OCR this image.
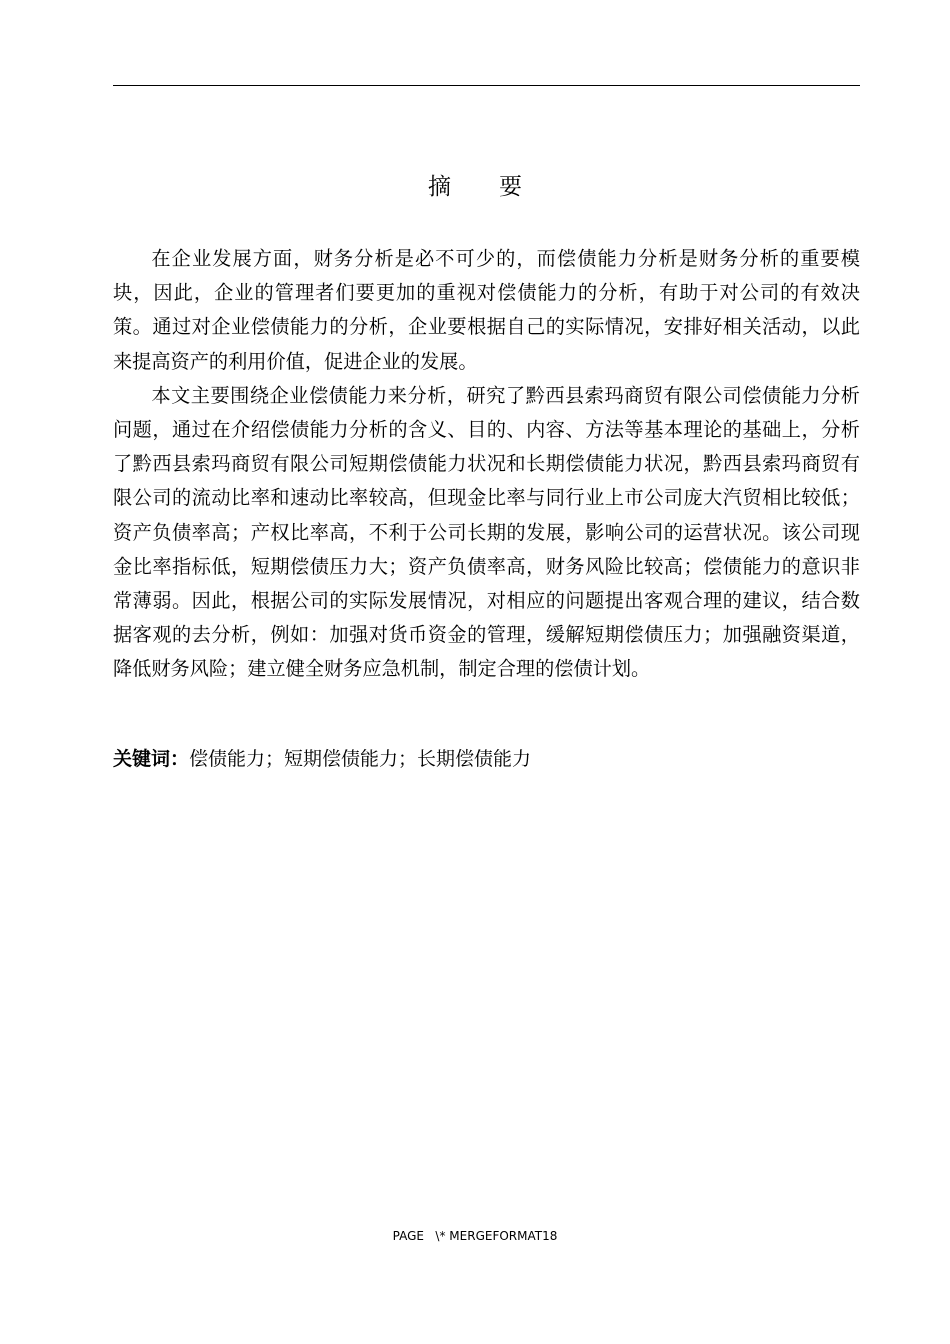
摘 要

在企业发展方面，财务分析是必不可少的，而偿债能力分析是财务分析的重要模块，因此，企业的管理者们要更加的重视对偿债能力的分析，有助于对公司的有效决策。通过对企业偿债能力的分析，企业要根据自己的实际情况，安排好相关活动，以此来提高资产的利用价值，促进企业的发展。

本文主要围绕企业偿债能力来分析，研究了黔西县索玛商贸有限公司偿债能力分析问题，通过在介绍偿债能力分析的含义、目的、内容、方法等基本理论的基础上，分析了黔西县索玛商贸有限公司短期偿债能力状况和长期偿债能力状况，黔西县索玛商贸有限公司的流动比率和速动比率较高，但现金比率与同行业上市公司庞大汽贸相比较低；资产负债率高；产权比率高，不利于公司长期的发展，影响公司的运营状况。该公司现金比率指标低，短期偿债压力大；资产负债率高，财务风险比较高；偿债能力的意识非常薄弱。因此，根据公司的实际发展情况，对相应的问题提出客观合理的建议，结合数据客观的去分析，例如：加强对货币资金的管理，缓解短期偿债压力；加强融资渠道，降低财务风险；建立健全财务应急机制，制定合理的偿债计划。

关键词：偿债能力；短期偿债能力；长期偿债能力
PAGE   \* MERGEFORMAT18
